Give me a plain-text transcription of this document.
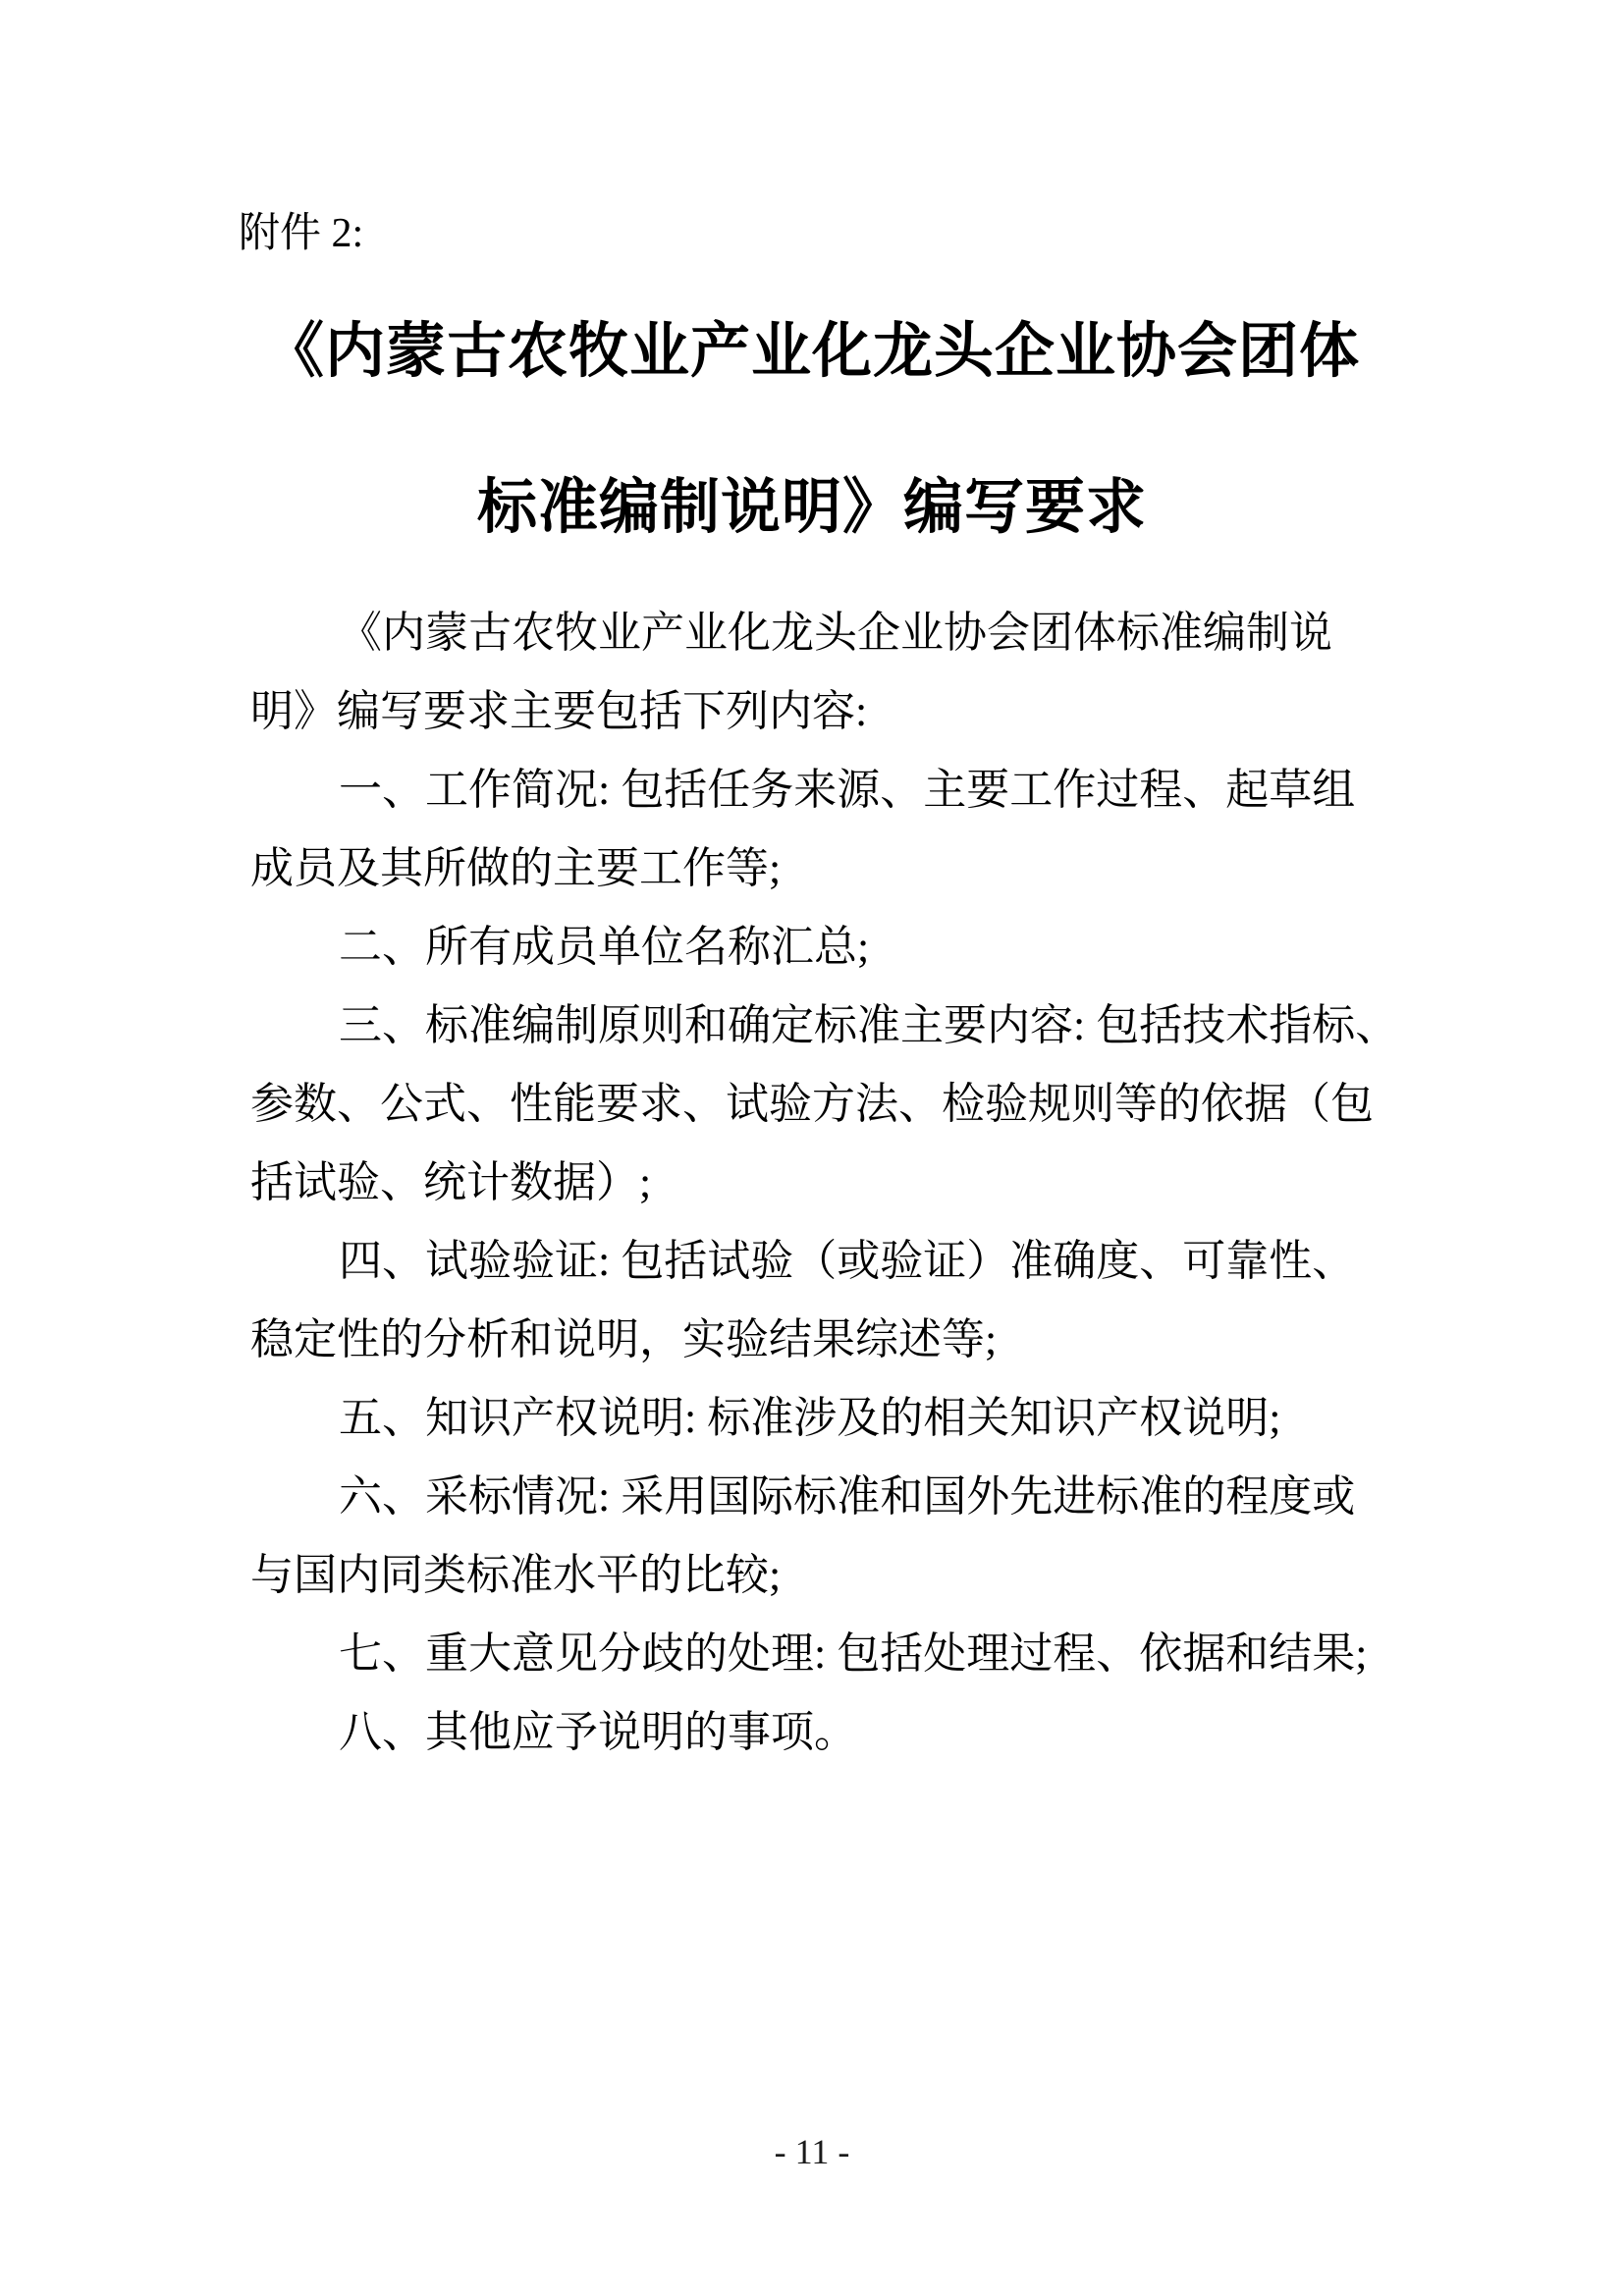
附件 2:
《内蒙古农牧业产业化龙头企业协会团体
标准编制说明》编写要求
《内蒙古农牧业产业化龙头企业协会团体标准编制说
明》编写要求主要包括下列内容:
一、工作简况: 包括任务来源、主要工作过程、起草组
成员及其所做的主要工作等;
二、所有成员单位名称汇总;
三、标准编制原则和确定标准主要内容: 包括技术指标、
参数、公式、性能要求、试验方法、检验规则等的依据（包
括试验、统计数据）;
四、试验验证: 包括试验（或验证）准确度、可靠性、
稳定性的分析和说明，实验结果综述等;
五、知识产权说明: 标准涉及的相关知识产权说明;
六、采标情况: 采用国际标准和国外先进标准的程度或
与国内同类标准水平的比较;
七、重大意见分歧的处理: 包括处理过程、依据和结果;
八、其他应予说明的事项。
- 11 -
